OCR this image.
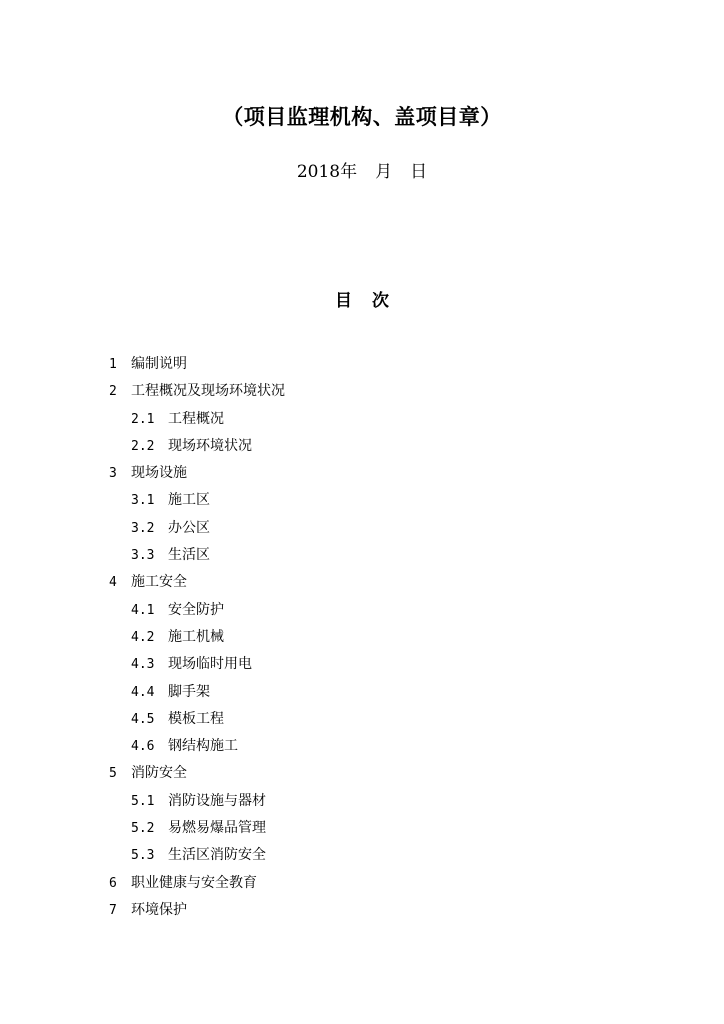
（项目监理机构、盖项目章）
2018年 月 日
目 次
1 编制说明
2 工程概况及现场环境状况
2.1 工程概况
2.2 现场环境状况
3 现场设施
3.1 施工区
3.2 办公区
3.3 生活区
4 施工安全
4.1 安全防护
4.2 施工机械
4.3 现场临时用电
4.4 脚手架
4.5 模板工程
4.6 钢结构施工
5 消防安全
5.1 消防设施与器材
5.2 易燃易爆品管理
5.3 生活区消防安全
6 职业健康与安全教育
7 环境保护
